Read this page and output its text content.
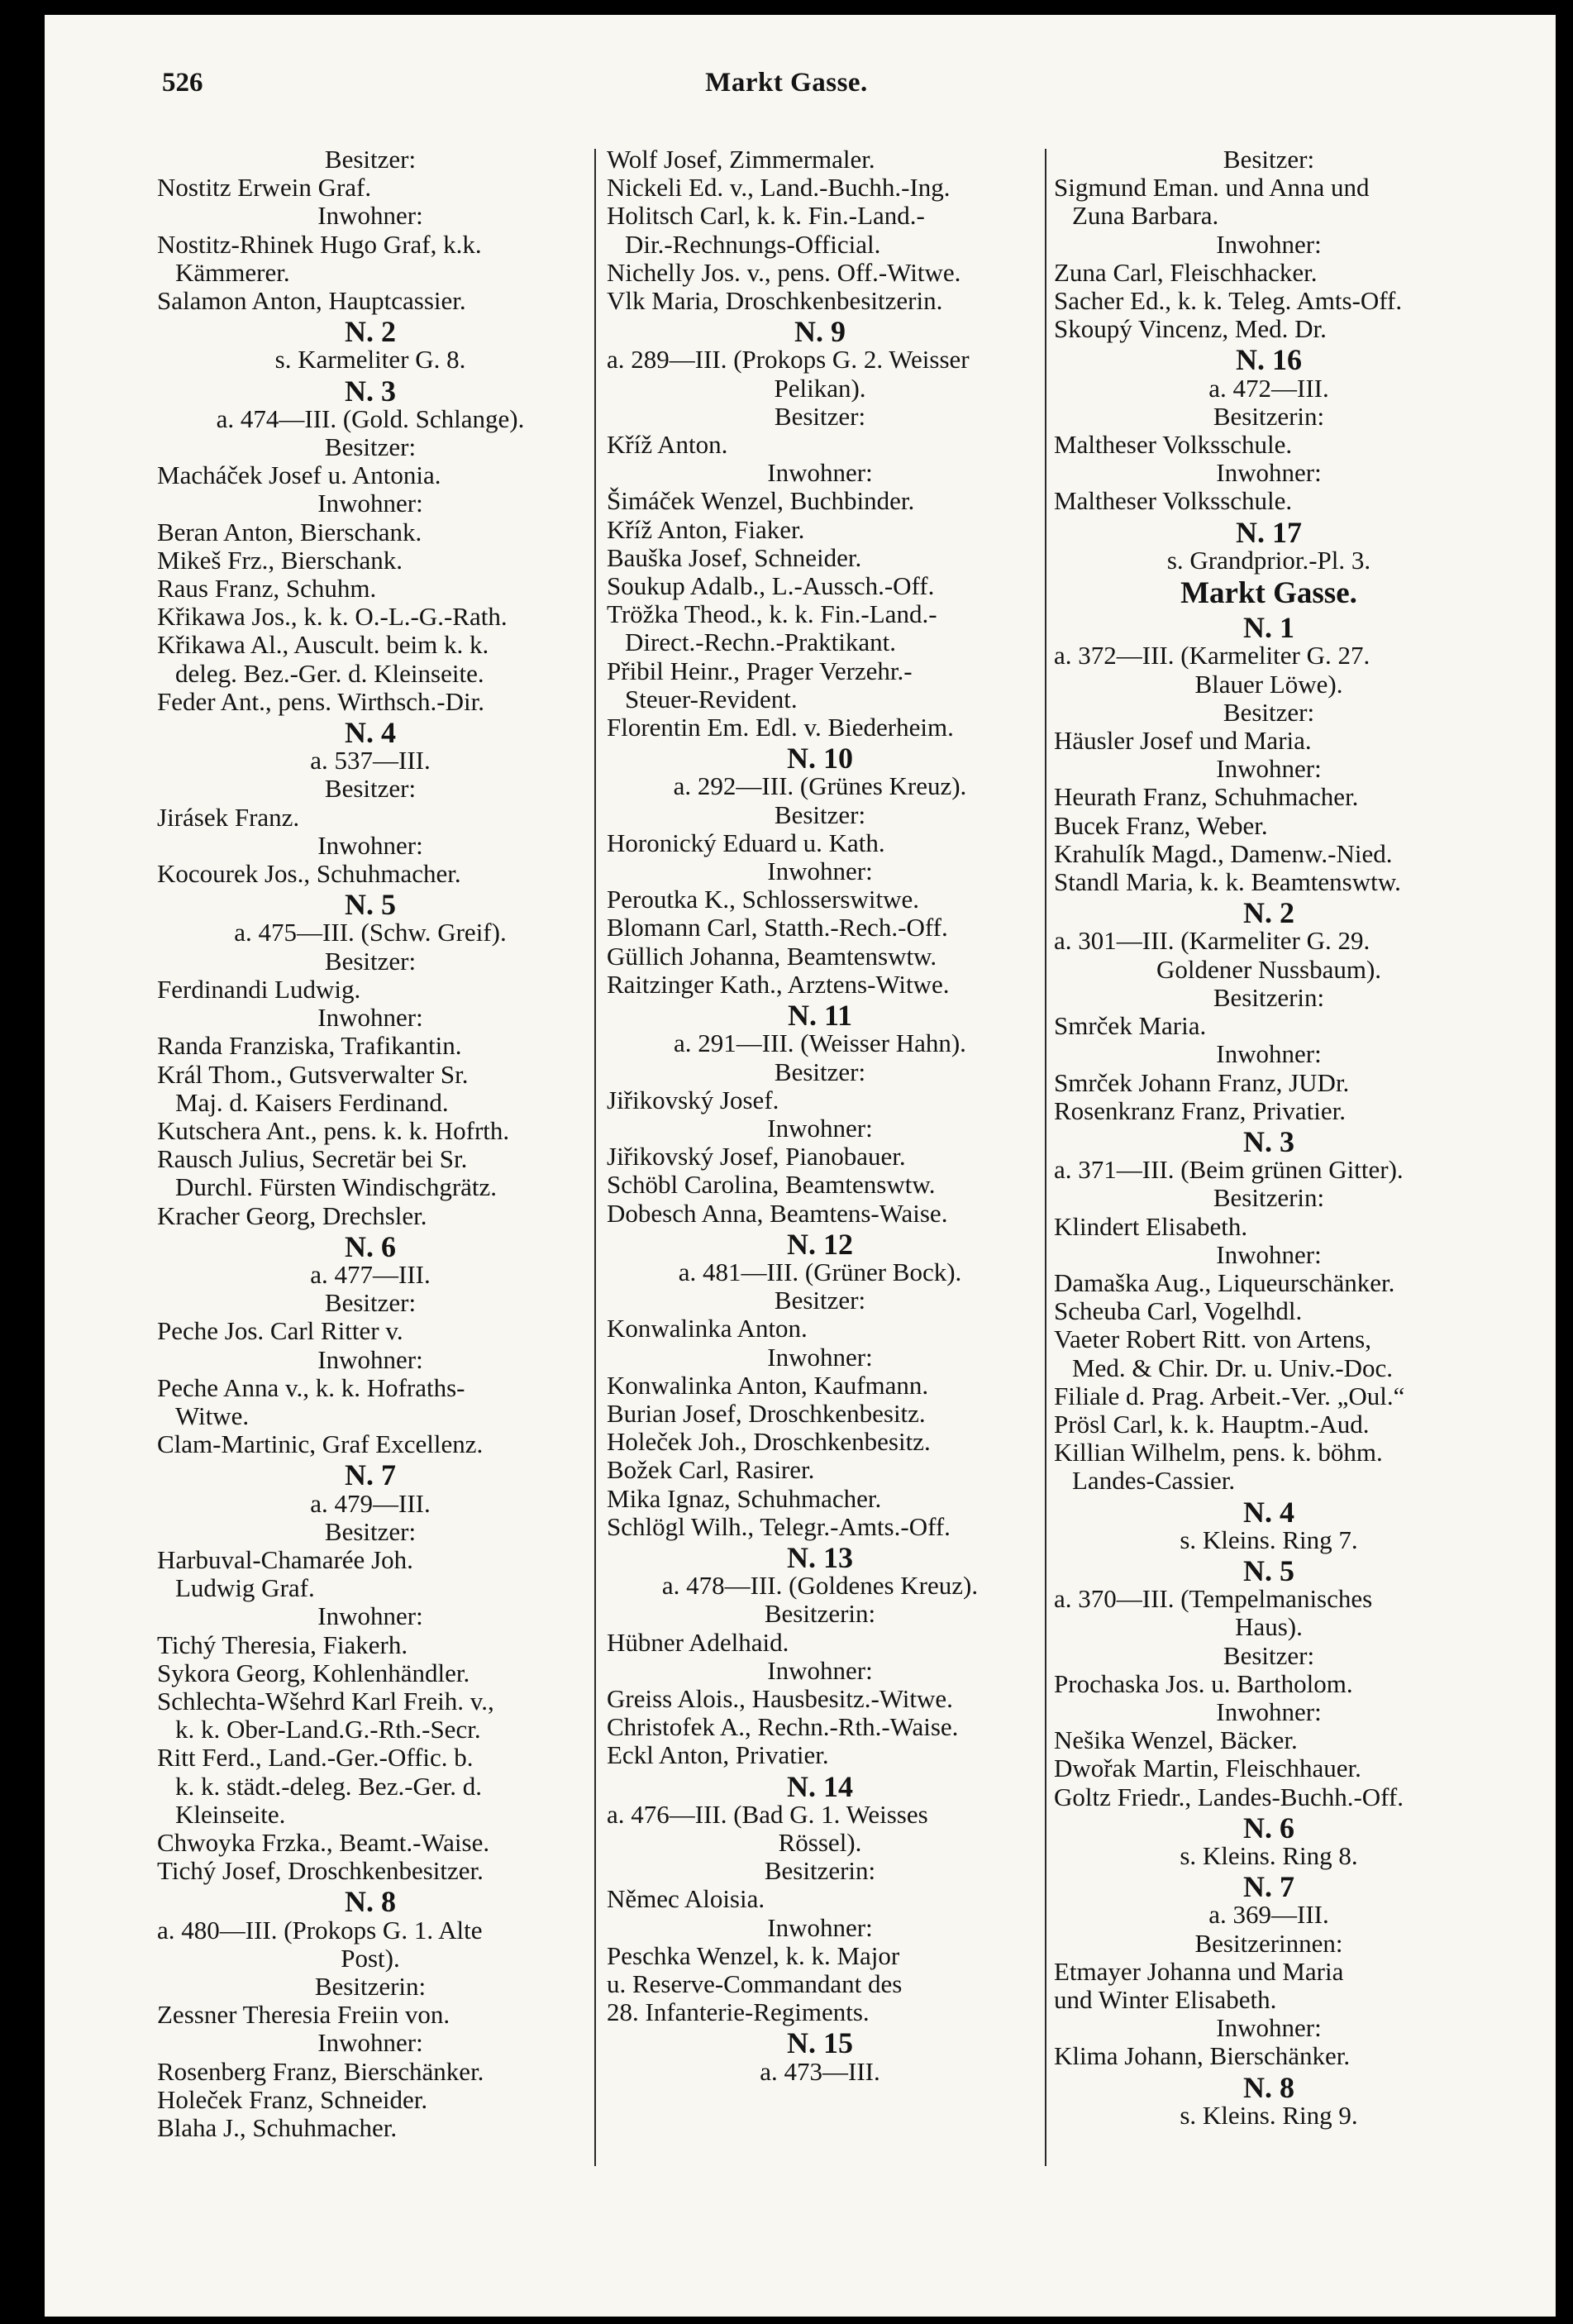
526	Markt Gasse.
Besitzer:
Nostitz Erwein Graf.
Inwohner:
Nostitz-Rhinek Hugo Graf, k.k.
Kämmerer.
Salamon Anton, Hauptcassier.
N. 2
s. Karmeliter G. 8.
N. 3
a. 474—III. (Gold. Schlange).
Besitzer:
Macháček Josef u. Antonia.
Inwohner:
Beran Anton, Bierschank.
Mikeš Frz., Bierschank.
Raus Franz, Schuhm.
Křikawa Jos., k. k. O.-L.-G.-Rath.
Křikawa Al., Auscult. beim k. k.
deleg. Bez.-Ger. d. Kleinseite.
Feder Ant., pens. Wirthsch.-Dir.
N. 4
a. 537—III.
Besitzer:
Jirásek Franz.
Inwohner:
Kocourek Jos., Schuhmacher.
N. 5
a. 475—III. (Schw. Greif).
Besitzer:
Ferdinandi Ludwig.
Inwohner:
Randa Franziska, Trafikantin.
Král Thom., Gutsverwalter Sr.
Maj. d. Kaisers Ferdinand.
Kutschera Ant., pens. k. k. Hofrth.
Rausch Julius, Secretär bei Sr.
Durchl. Fürsten Windischgrätz.
Kracher Georg, Drechsler.
N. 6
a. 477—III.
Besitzer:
Peche Jos. Carl Ritter v.
Inwohner:
Peche Anna v., k. k. Hofraths-
Witwe.
Clam-Martinic, Graf Excellenz.
N. 7
a. 479—III.
Besitzer:
Harbuval-Chamarée Joh.
Ludwig Graf.
Inwohner:
Tichý Theresia, Fiakerh.
Sykora Georg, Kohlenhändler.
Schlechta-Wšehrd Karl Freih. v.,
k. k. Ober-Land.G.-Rth.-Secr.
Ritt Ferd., Land.-Ger.-Offic. b.
k. k. städt.-deleg. Bez.-Ger. d.
Kleinseite.
Chwoyka Frzka., Beamt.-Waise.
Tichý Josef, Droschkenbesitzer.
N. 8
a. 480—III. (Prokops G. 1. Alte
Post).
Besitzerin:
Zessner Theresia Freiin von.
Inwohner:
Rosenberg Franz, Bierschänker.
Holeček Franz, Schneider.
Blaha J., Schuhmacher.
Wolf Josef, Zimmermaler.
Nickeli Ed. v., Land.-Buchh.-Ing.
Holitsch Carl, k. k. Fin.-Land.-
Dir.-Rechnungs-Official.
Nichelly Jos. v., pens. Off.-Witwe.
Vlk Maria, Droschkenbesitzerin.
N. 9
a. 289—III. (Prokops G. 2. Weisser
Pelikan).
Besitzer:
Kříž Anton.
Inwohner:
Šimáček Wenzel, Buchbinder.
Kříž Anton, Fiaker.
Bauška Josef, Schneider.
Soukup Adalb., L.-Aussch.-Off.
Tröžka Theod., k. k. Fin.-Land.-
Direct.-Rechn.-Praktikant.
Přibil Heinr., Prager Verzehr.-
Steuer-Revident.
Florentin Em. Edl. v. Biederheim.
N. 10
a. 292—III. (Grünes Kreuz).
Besitzer:
Horonický Eduard u. Kath.
Inwohner:
Peroutka K., Schlosserswitwe.
Blomann Carl, Statth.-Rech.-Off.
Güllich Johanna, Beamtenswtw.
Raitzinger Kath., Arztens-Witwe.
N. 11
a. 291—III. (Weisser Hahn).
Besitzer:
Jiřikovský Josef.
Inwohner:
Jiřikovský Josef, Pianobauer.
Schöbl Carolina, Beamtenswtw.
Dobesch Anna, Beamtens-Waise.
N. 12
a. 481—III. (Grüner Bock).
Besitzer:
Konwalinka Anton.
Inwohner:
Konwalinka Anton, Kaufmann.
Burian Josef, Droschkenbesitz.
Holeček Joh., Droschkenbesitz.
Božek Carl, Rasirer.
Mika Ignaz, Schuhmacher.
Schlögl Wilh., Telegr.-Amts.-Off.
N. 13
a. 478—III. (Goldenes Kreuz).
Besitzerin:
Hübner Adelhaid.
Inwohner:
Greiss Alois., Hausbesitz.-Witwe.
Christofek A., Rechn.-Rth.-Waise.
Eckl Anton, Privatier.
N. 14
a. 476—III. (Bad G. 1. Weisses
Rössel).
Besitzerin:
Němec Aloisia.
Inwohner:
Peschka Wenzel, k. k. Major
u. Reserve-Commandant des
28. Infanterie-Regiments.
N. 15
a. 473—III.
Besitzer:
Sigmund Eman. und Anna und
Zuna Barbara.
Inwohner:
Zuna Carl, Fleischhacker.
Sacher Ed., k. k. Teleg. Amts-Off.
Skoupý Vincenz, Med. Dr.
N. 16
a. 472—III.
Besitzerin:
Maltheser Volksschule.
Inwohner:
Maltheser Volksschule.
N. 17
s. Grandprior.-Pl. 3.
Markt Gasse.
N. 1
a. 372—III. (Karmeliter G. 27.
Blauer Löwe).
Besitzer:
Häusler Josef und Maria.
Inwohner:
Heurath Franz, Schuhmacher.
Bucek Franz, Weber.
Krahulík Magd., Damenw.-Nied.
Standl Maria, k. k. Beamtenswtw.
N. 2
a. 301—III. (Karmeliter G. 29.
Goldener Nussbaum).
Besitzerin:
Smrček Maria.
Inwohner:
Smrček Johann Franz, JUDr.
Rosenkranz Franz, Privatier.
N. 3
a. 371—III. (Beim grünen Gitter).
Besitzerin:
Klindert Elisabeth.
Inwohner:
Damaška Aug., Liqueurschänker.
Scheuba Carl, Vogelhdl.
Vaeter Robert Ritt. von Artens,
Med. & Chir. Dr. u. Univ.-Doc.
Filiale d. Prag. Arbeit.-Ver. „Oul.“
Prösl Carl, k. k. Hauptm.-Aud.
Killian Wilhelm, pens. k. böhm.
Landes-Cassier.
N. 4
s. Kleins. Ring 7.
N. 5
a. 370—III. (Tempelmanisches
Haus).
Besitzer:
Prochaska Jos. u. Bartholom.
Inwohner:
Nešika Wenzel, Bäcker.
Dwořak Martin, Fleischhauer.
Goltz Friedr., Landes-Buchh.-Off.
N. 6
s. Kleins. Ring 8.
N. 7
a. 369—III.
Besitzerinnen:
Etmayer Johanna und Maria
und Winter Elisabeth.
Inwohner:
Klima Johann, Bierschänker.
N. 8
s. Kleins. Ring 9.
